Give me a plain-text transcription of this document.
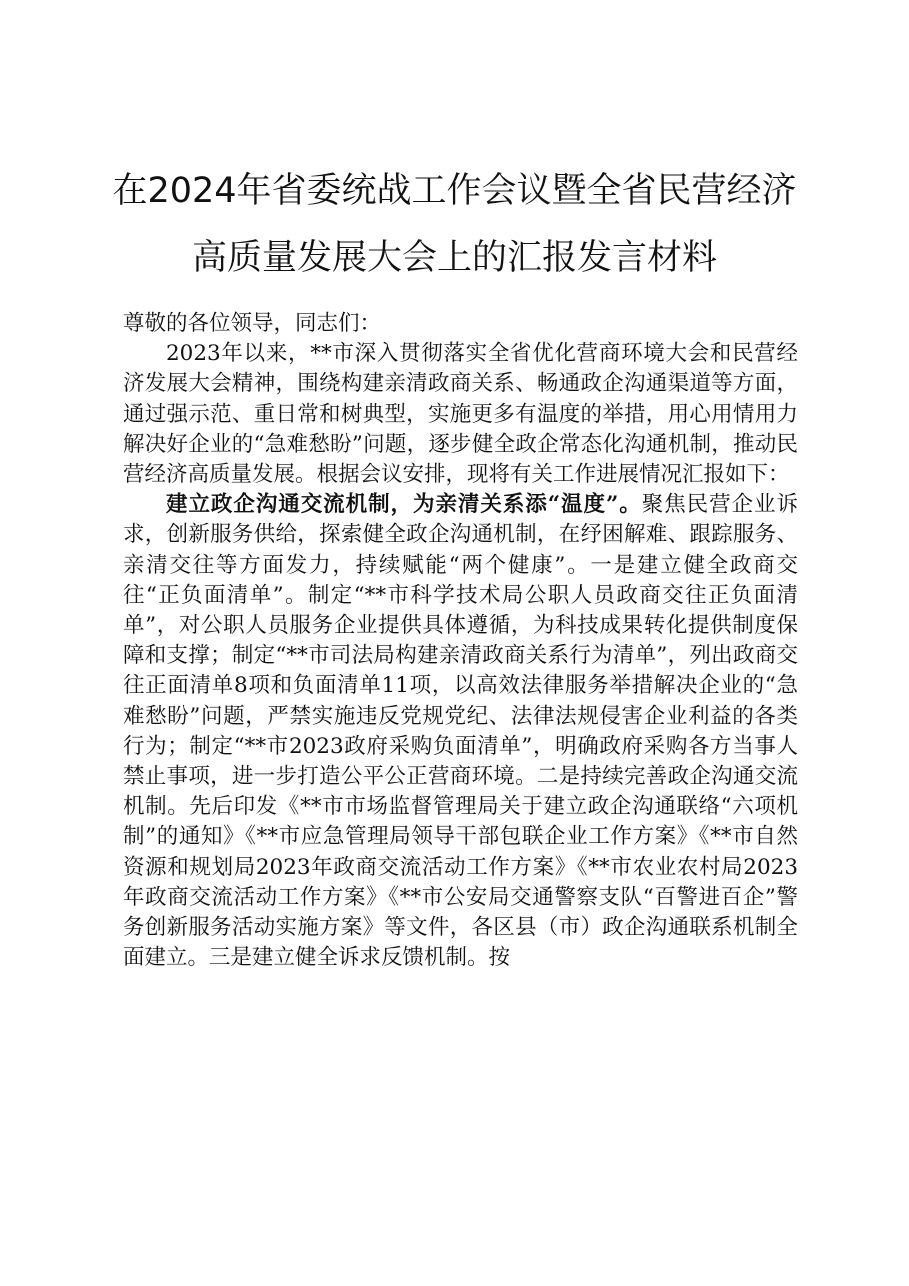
在2024年省委统战工作会议暨全省民营经济
高质量发展大会上的汇报发言材料

尊敬的各位领导，同志们：

2023年以来，**市深入贯彻落实全省优化营商环境大会和民营经济发展大会精神，围绕构建亲清政商关系、畅通政企沟通渠道等方面，通过强示范、重日常和树典型，实施更多有温度的举措，用心用情用力解决好企业的“急难愁盼”问题，逐步健全政企常态化沟通机制，推动民营经济高质量发展。根据会议安排，现将有关工作进展情况汇报如下：

建立政企沟通交流机制，为亲清关系添“温度”。聚焦民营企业诉求，创新服务供给，探索健全政企沟通机制，在纾困解难、跟踪服务、亲清交往等方面发力，持续赋能“两个健康”。一是建立健全政商交往“正负面清单”。制定“**市科学技术局公职人员政商交往正负面清单”，对公职人员服务企业提供具体遵循，为科技成果转化提供制度保障和支撑；制定“**市司法局构建亲清政商关系行为清单”，列出政商交往正面清单8项和负面清单11项，以高效法律服务举措解决企业的“急难愁盼”问题，严禁实施违反党规党纪、法律法规侵害企业利益的各类行为；制定“**市2023政府采购负面清单”，明确政府采购各方当事人禁止事项，进一步打造公平公正营商环境。二是持续完善政企沟通交流机制。先后印发《**市市场监督管理局关于建立政企沟通联络“六项机制”的通知》《**市应急管理局领导干部包联企业工作方案》《**市自然资源和规划局2023年政商交流活动工作方案》《**市农业农村局2023年政商交流活动工作方案》《**市公安局交通警察支队“百警进百企”警务创新服务活动实施方案》等文件，各区县（市）政企沟通联系机制全面建立。三是建立健全诉求反馈机制。按
